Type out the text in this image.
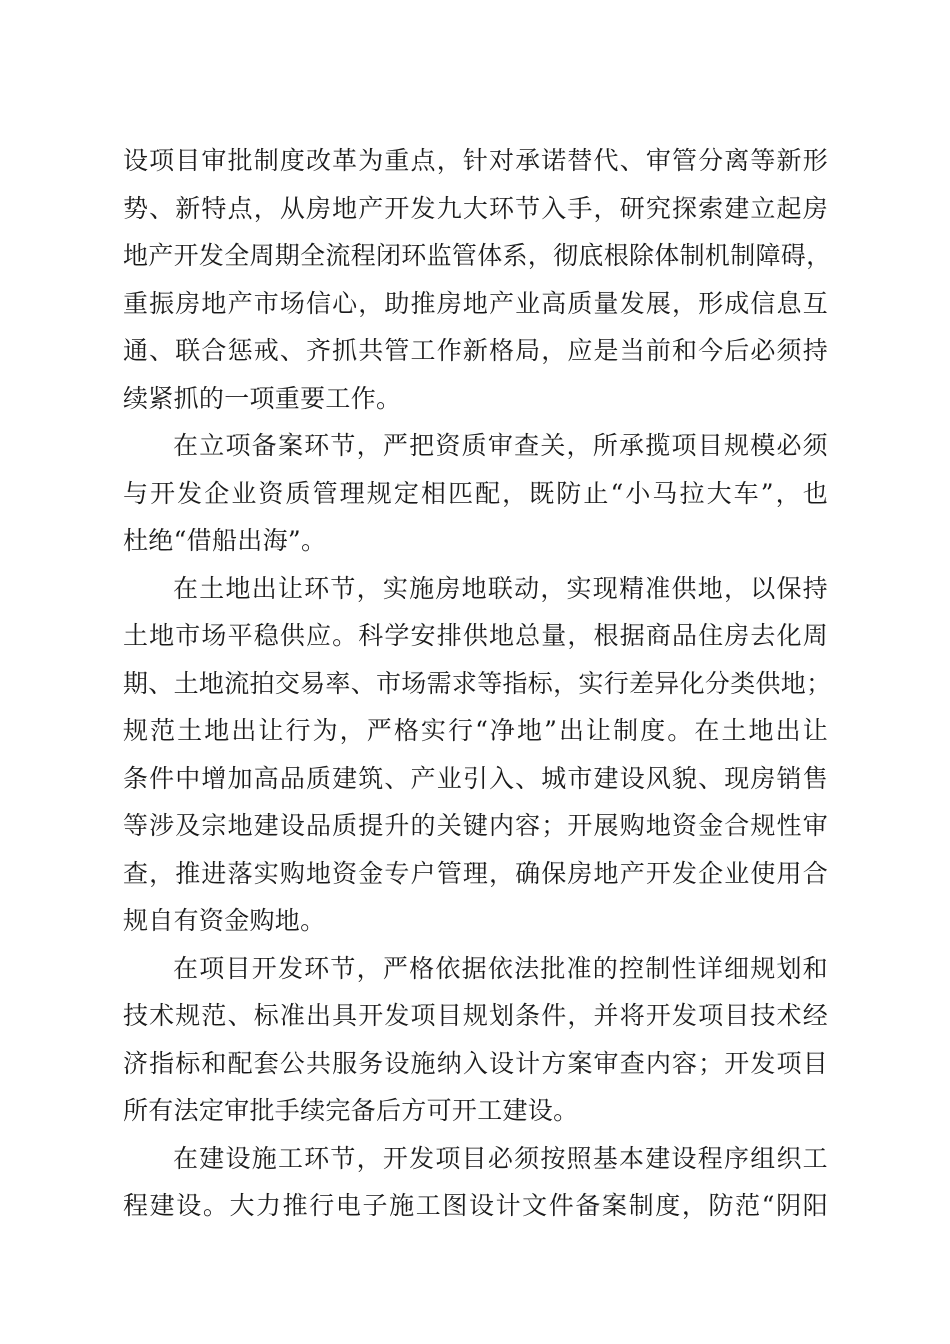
设项目审批制度改革为重点，针对承诺替代、审管分离等新形
势、新特点，从房地产开发九大环节入手，研究探索建立起房
地产开发全周期全流程闭环监管体系，彻底根除体制机制障碍，
重振房地产市场信心，助推房地产业高质量发展，形成信息互
通、联合惩戒、齐抓共管工作新格局，应是当前和今后必须持
续紧抓的一项重要工作。
在立项备案环节，严把资质审查关，所承揽项目规模必须
与开发企业资质管理规定相匹配，既防止“小马拉大车”，也
杜绝“借船出海”。
在土地出让环节，实施房地联动，实现精准供地，以保持
土地市场平稳供应。科学安排供地总量，根据商品住房去化周
期、土地流拍交易率、市场需求等指标，实行差异化分类供地；
规范土地出让行为，严格实行“净地”出让制度。在土地出让
条件中增加高品质建筑、产业引入、城市建设风貌、现房销售
等涉及宗地建设品质提升的关键内容；开展购地资金合规性审
查，推进落实购地资金专户管理，确保房地产开发企业使用合
规自有资金购地。
在项目开发环节，严格依据依法批准的控制性详细规划和
技术规范、标准出具开发项目规划条件，并将开发项目技术经
济指标和配套公共服务设施纳入设计方案审查内容；开发项目
所有法定审批手续完备后方可开工建设。
在建设施工环节，开发项目必须按照基本建设程序组织工
程建设。大力推行电子施工图设计文件备案制度，防范“阴阳
